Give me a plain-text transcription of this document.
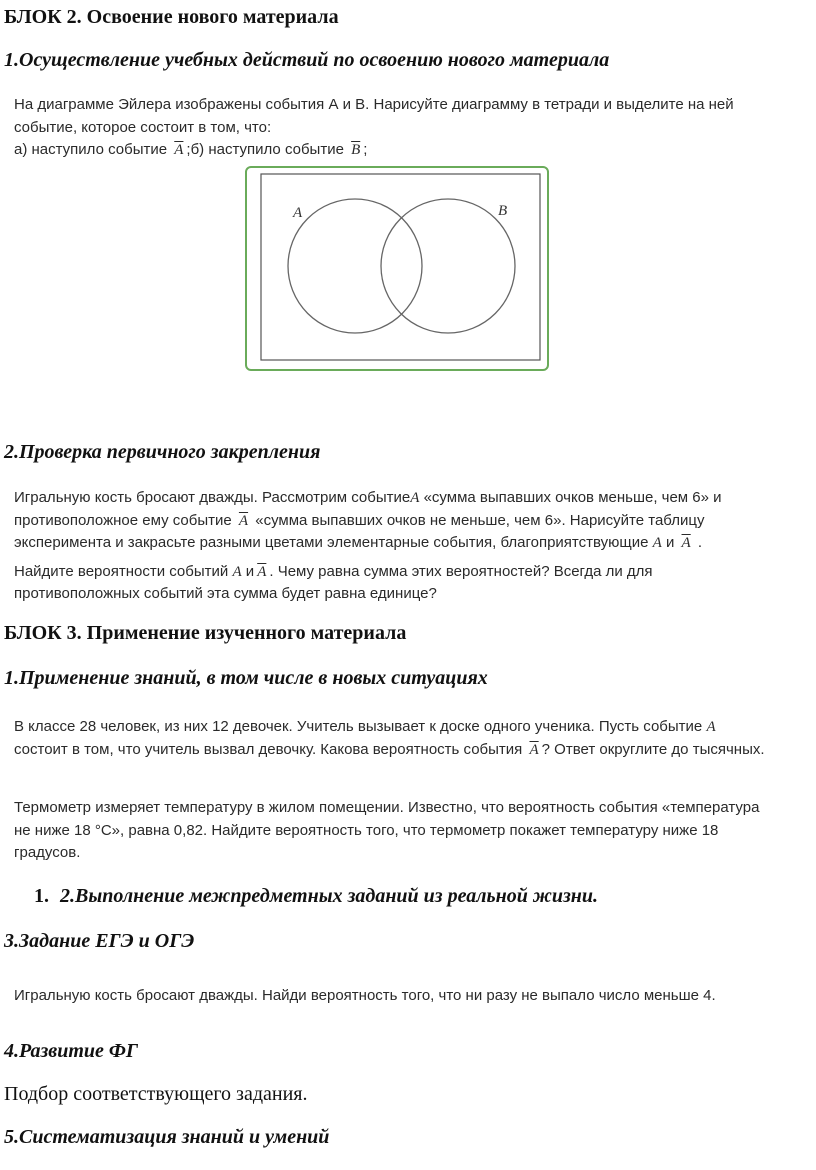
БЛОК 2. Освоение нового материала
1.Осуществление учебных действий по освоению нового материала

На диаграмме Эйлера изображены события А и В. Нарисуйте диаграмму в тетради и выделите на ней

событие, которое состоит в том, что:

а) наступило событие $\overline{A}$ ;б) наступило событие $\overline{B}$ ;

A	B
2.Проверка первичного закрепления

Игральную кость бросают дважды. Рассмотрим событиеA «сумма выпавших очков меньше, чем 6» и

противоположное ему событие $\overline{A}$ «сумма выпавших очков не меньше, чем 6». Нарисуйте таблицу

эксперимента и закрасьте разными цветами элементарные события, благоприятствующие A и $\overline{A}$ .

Найдите вероятности событий A и $\overline{A}$ . Чему равна сумма этих вероятностей? Всегда ли для

противоположных событий эта сумма будет равна единице?

БЛОК 3. Применение изученного материала
1.Применение знаний, в том числе в новых ситуациях

В классе 28 человек, из них 12 девочек. Учитель вызывает к доске одного ученика. Пусть событие A

состоит в том, что учитель вызвал девочку. Какова вероятность события $\overline{A}$ ? Ответ округлите до тысячных.

Термометр измеряет температуру в жилом помещении. Известно, что вероятность события «температура

не ниже 18 °С», равна 0,82. Найдите вероятность того, что термометр покажет температуру ниже 18

градусов.

1. 2.Выполнение межпредметных заданий из реальной жизни.
3.Задание ЕГЭ и ОГЭ

Игральную кость бросают дважды. Найди вероятность того, что ни разу не выпало число меньше 4.

4.Развитие ФГ
Подбор соответствующего задания.
5.Систематизация знаний и умений
